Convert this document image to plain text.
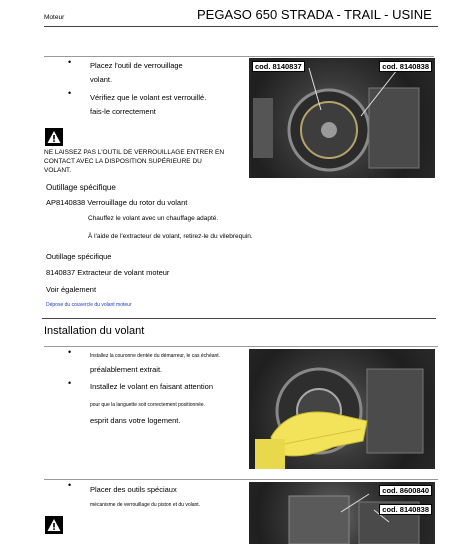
Moteur	PEGASO 650 STRADA - TRAIL - USINE
•	Placez l'outil de verrouillage
volant.
•	Vérifiez que le volant est verrouillé.
fais-le correctement
cod. 8140837	cod. 8140838
NE LAISSEZ PAS L'OUTIL DE VERROUILLAGE ENTRER EN
CONTACT AVEC LA DISPOSITION SUPÉRIEURE DU
VOLANT.
Outillage spécifique
AP8140838 Verrouillage du rotor du volant
Chauffez le volant avec un chauffage adapté.
À l'aide de l'extracteur de volant, retirez-le du vilebrequin.
Outillage spécifique
8140837 Extracteur de volant moteur
Voir également
Dépose du couvercle du volant moteur
Installation du volant
•	Installez la couronne dentée du démarreur, le cas échéant.
préalablement extrait.
•	Installez le volant en faisant attention
pour que la languette soit correctement positionnée.
esprit dans votre logement.
•	Placer des outils spéciaux
mécanisme de verrouillage du piston et du volant.
cod. 8600840
cod. 8140838
